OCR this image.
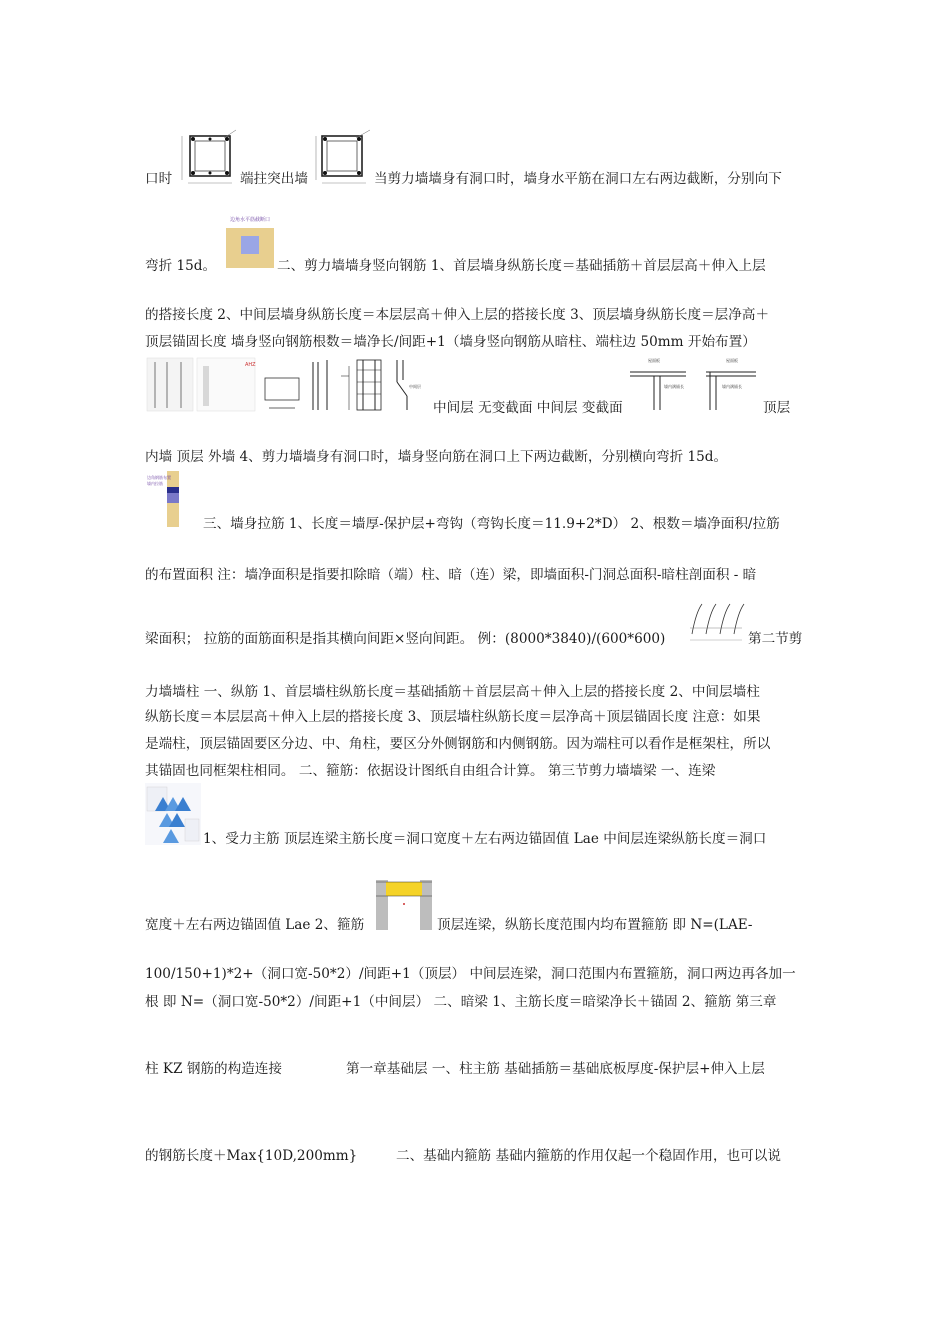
口时	端拄突出墙	当剪力墙墙身有洞口时，墙身水平筋在洞口左右两边截断，分别向下
弯折 15d。	二、剪力墙墙身竖向钢筋 1、首层墙身纵筋长度＝基础插筋＋首层层高＋伸入上层
的搭接长度 2、中间层墙身纵筋长度＝本层层高＋伸入上层的搭接长度 3、顶层墙身纵筋长度＝层净高＋
顶层锚固长度 墙身竖向钢筋根数＝墙净长/间距+1（墙身竖向钢筋从暗柱、端柱边 50mm 开始布置）
中间层 无变截面 中间层 变截面	顶层
内墙 顶层 外墙 4、剪力墙墙身有洞口时，墙身竖向筋在洞口上下两边截断，分别横向弯折 15d。
三、墙身拉筋 1、长度＝墙厚-保护层+弯钩（弯钩长度＝11.9+2*D） 2、根数＝墙净面积/拉筋
的布置面积 注：墙净面积是指要扣除暗（端）柱、暗（连）梁，即墙面积-门洞总面积-暗柱剖面积 - 暗
梁面积； 拉筋的面筋面积是指其横向间距×竖向间距。 例：(8000*3840)/(600*600)	第二节剪
力墙墙柱 一、纵筋 1、首层墙柱纵筋长度＝基础插筋＋首层层高＋伸入上层的搭接长度 2、中间层墙柱
纵筋长度＝本层层高＋伸入上层的搭接长度 3、顶层墙柱纵筋长度＝层净高＋顶层锚固长度 注意：如果
是端柱，顶层锚固要区分边、中、角柱，要区分外侧钢筋和内侧钢筋。因为端柱可以看作是框架柱，所以
其锚固也同框架柱相同。 二、箍筋：依据设计图纸自由组合计算。 第三节剪力墙墙梁 一、连梁
1、受力主筋 顶层连梁主筋长度＝洞口宽度＋左右两边锚固值 Lae 中间层连梁纵筋长度＝洞口
宽度＋左右两边锚固值 Lae 2、箍筋	顶层连梁，纵筋长度范围内均布置箍筋 即 N=(LAE-
100/150+1)*2+（洞口宽-50*2）/间距+1（顶层） 中间层连梁，洞口范围内布置箍筋，洞口两边再各加一
根 即 N=（洞口宽-50*2）/间距+1（中间层） 二、暗梁 1、主筋长度＝暗梁净长＋锚固 2、箍筋 第三章
柱 KZ 钢筋的构造连接	第一章基础层 一、柱主筋 基础插筋＝基础底板厚度-保护层+伸入上层
的钢筋长度＋Max{10D,200mm}	二、基础内箍筋 基础内箍筋的作用仅起一个稳固作用，也可以说
边角水平筋截断口
AHZ
中间层
屋面板
墙内满锚长
屋面板
墙内满锚长
边角钢筋布置
墙内拉筋
